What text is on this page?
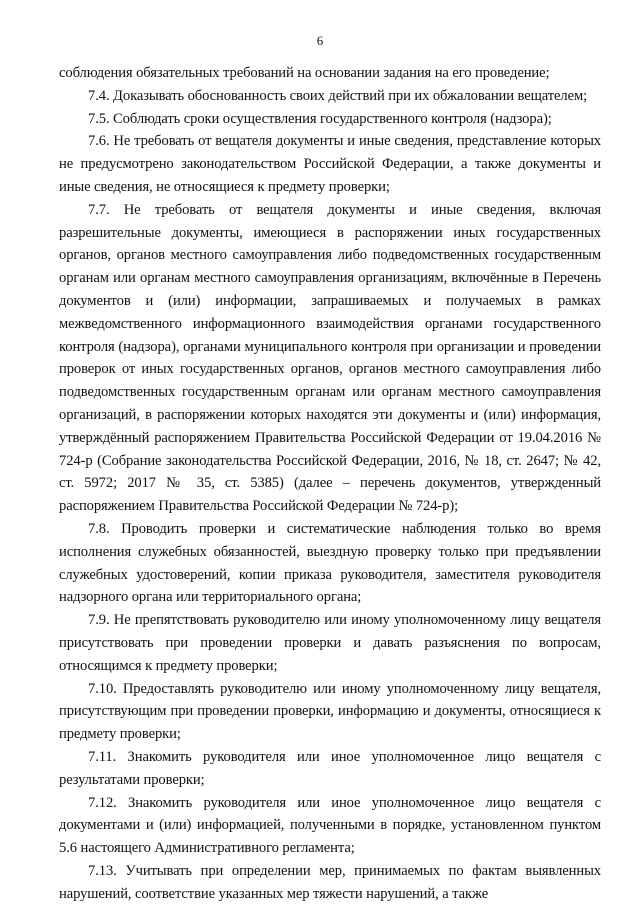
6

соблюдения обязательных требований на основании задания на его проведение;

7.4. Доказывать обоснованность своих действий при их обжаловании вещателем;

7.5. Соблюдать сроки осуществления государственного контроля (надзора);

7.6. Не требовать от вещателя документы и иные сведения, представление которых не предусмотрено законодательством Российской Федерации, а также документы и иные сведения, не относящиеся к предмету проверки;

7.7. Не требовать от вещателя документы и иные сведения, включая разрешительные документы, имеющиеся в распоряжении иных государственных органов, органов местного самоуправления либо подведомственных государственным органам или органам местного самоуправления организациям, включённые в Перечень документов и (или) информации, запрашиваемых и получаемых в рамках межведомственного информационного взаимодействия органами государственного контроля (надзора), органами муниципального контроля при организации и проведении проверок от иных государственных органов, органов местного самоуправления либо подведомственных государственным органам или органам местного самоуправления организаций, в распоряжении которых находятся эти документы и (или) информация, утверждённый распоряжением Правительства Российской Федерации от 19.04.2016 № 724-р (Собрание законодательства Российской Федерации, 2016, № 18, ст. 2647; № 42, ст. 5972; 2017 № 35, ст. 5385) (далее – перечень документов, утвержденный распоряжением Правительства Российской Федерации № 724-р);

7.8. Проводить проверки и систематические наблюдения только во время исполнения служебных обязанностей, выездную проверку только при предъявлении служебных удостоверений, копии приказа руководителя, заместителя руководителя надзорного органа или территориального органа;

7.9. Не препятствовать руководителю или иному уполномоченному лицу вещателя присутствовать при проведении проверки и давать разъяснения по вопросам, относящимся к предмету проверки;

7.10. Предоставлять руководителю или иному уполномоченному лицу вещателя, присутствующим при проведении проверки, информацию и документы, относящиеся к предмету проверки;

7.11. Знакомить руководителя или иное уполномоченное лицо вещателя с результатами проверки;

7.12. Знакомить руководителя или иное уполномоченное лицо вещателя с документами и (или) информацией, полученными в порядке, установленном пунктом 5.6 настоящего Административного регламента;

7.13. Учитывать при определении мер, принимаемых по фактам выявленных нарушений, соответствие указанных мер тяжести нарушений, а также
